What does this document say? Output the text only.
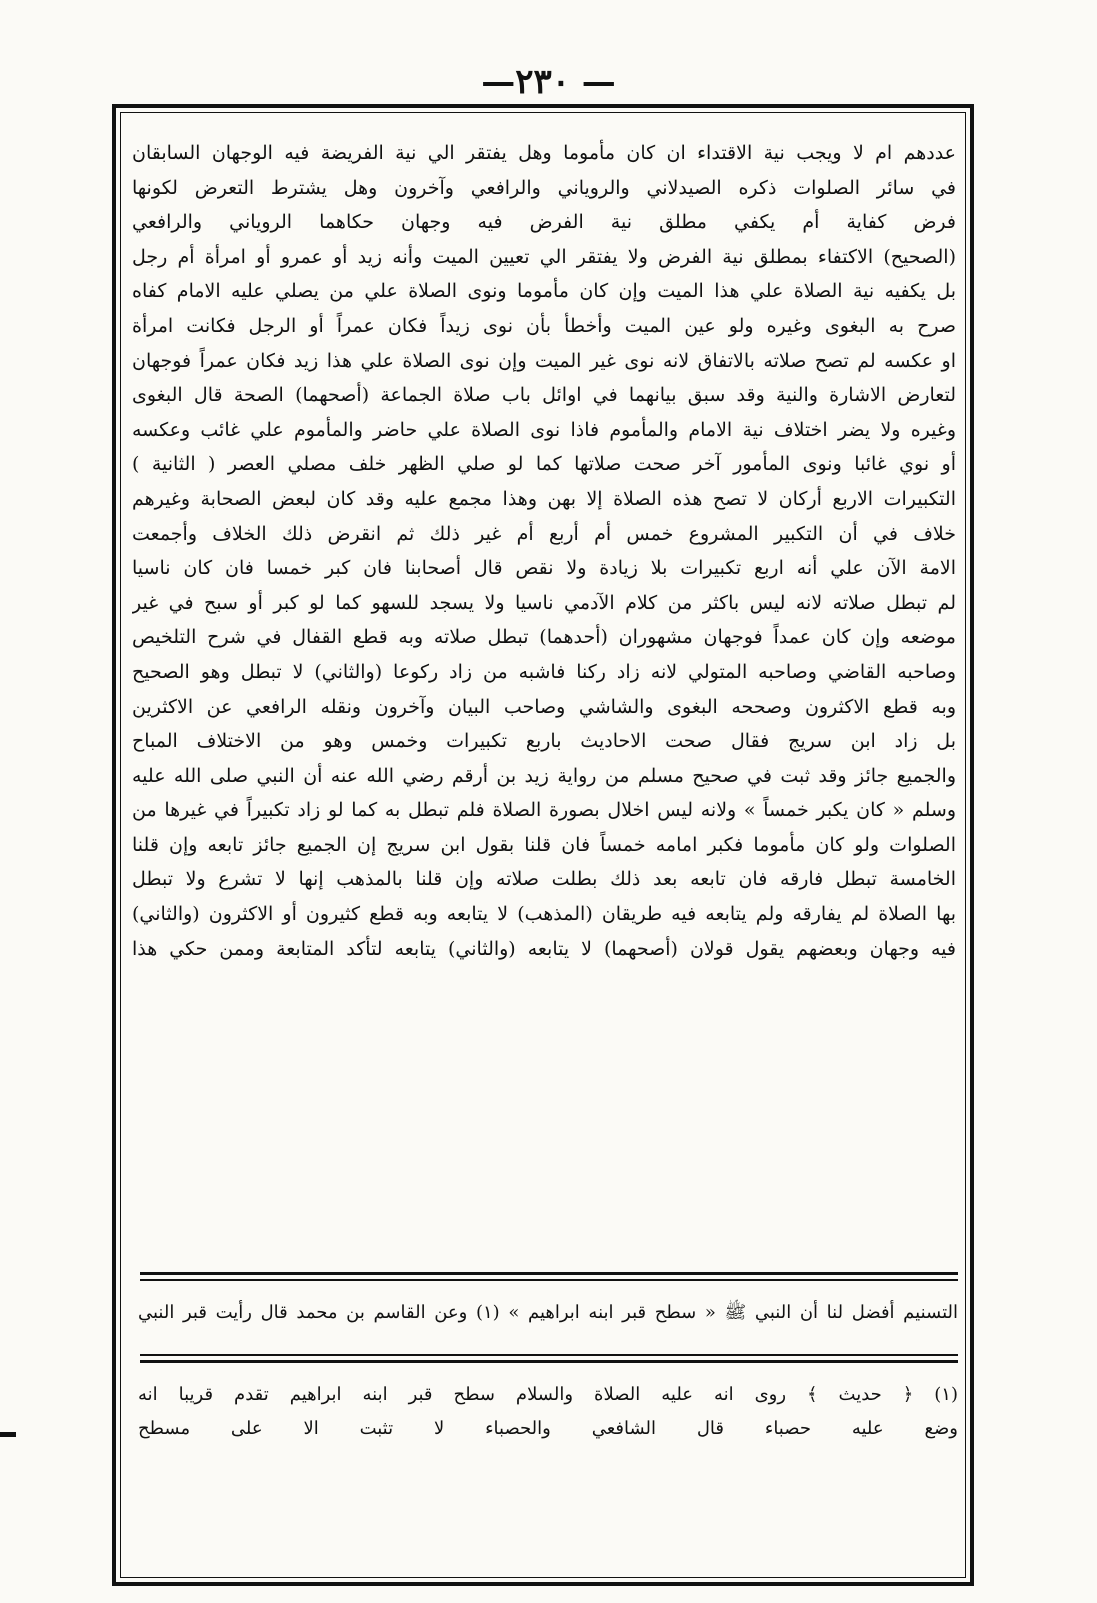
—۲۳۰ —
عددهم ام لا ويجب نية الاقتداء ان كان مأموما وهل يفتقر الي نية الفريضة فيه الوجهان السابقان
في سائر الصلوات ذكره الصيدلاني والروياني والرافعي وآخرون وهل يشترط التعرض لكونها
فرض كفاية أم يكفي مطلق نية الفرض فيه وجهان حكاهما الروياني والرافعي
(الصحيح) الاكتفاء بمطلق نية الفرض ولا يفتقر الي تعيين الميت وأنه زيد أو عمرو أو امرأة أم رجل
بل يكفيه نية الصلاة علي هذا الميت وإن كان مأموما ونوى الصلاة علي من يصلي عليه الامام كفاه
صرح به البغوى وغيره ولو عين الميت وأخطأ بأن نوى زيداً فكان عمراً أو الرجل فكانت امرأة
او عكسه لم تصح صلاته بالاتفاق لانه نوى غير الميت وإن نوى الصلاة علي هذا زيد فكان عمراً فوجهان
لتعارض الاشارة والنية وقد سبق بيانهما في اوائل باب صلاة الجماعة (أصحهما) الصحة قال البغوى
وغيره ولا يضر اختلاف نية الامام والمأموم فاذا نوى الصلاة علي حاضر والمأموم علي غائب وعكسه
أو نوي غائبا ونوى المأمور آخر صحت صلاتها كما لو صلي الظهر خلف مصلي العصر ( الثانية )
التكبيرات الاربع أركان لا تصح هذه الصلاة إلا بهن وهذا مجمع عليه وقد كان لبعض الصحابة وغيرهم
خلاف في أن التكبير المشروع خمس أم أربع أم غير ذلك ثم انقرض ذلك الخلاف وأجمعت
الامة الآن علي أنه اربع تكبيرات بلا زيادة ولا نقص قال أصحابنا فان كبر خمسا فان كان ناسيا
لم تبطل صلاته لانه ليس باكثر من كلام الآدمي ناسيا ولا يسجد للسهو كما لو كبر أو سبح في غير
موضعه وإن كان عمداً فوجهان مشهوران (أحدهما) تبطل صلاته وبه قطع القفال في شرح التلخيص
وصاحبه القاضي وصاحبه المتولي لانه زاد ركنا فاشبه من زاد ركوعا (والثاني) لا تبطل وهو الصحيح
وبه قطع الاكثرون وصححه البغوى والشاشي وصاحب البيان وآخرون ونقله الرافعي عن الاكثرين
بل زاد ابن سريج فقال صحت الاحاديث باربع تكبيرات وخمس وهو من الاختلاف المباح
والجميع جائز وقد ثبت في صحيح مسلم من رواية زيد بن أرقم رضي الله عنه أن النبي صلى الله عليه
وسلم « كان يكبر خمساً » ولانه ليس اخلال بصورة الصلاة فلم تبطل به كما لو زاد تكبيراً في غيرها من
الصلوات ولو كان مأموما فكبر امامه خمساً فان قلنا بقول ابن سريج إن الجميع جائز تابعه وإن قلنا
الخامسة تبطل فارقه فان تابعه بعد ذلك بطلت صلاته وإن قلنا بالمذهب إنها لا تشرع ولا تبطل
بها الصلاة لم يفارقه ولم يتابعه فيه طريقان (المذهب) لا يتابعه وبه قطع كثيرون أو الاكثرون (والثاني)
فيه وجهان وبعضهم يقول قولان (أصحهما) لا يتابعه (والثاني) يتابعه لتأكد المتابعة وممن حكي هذا
التسنيم أفضل لنا أن النبي ﷺ « سطح قبر ابنه ابراهيم » (١) وعن القاسم بن محمد قال رأيت قبر النبي
(١) ﴿ حديث ﴾ روى انه عليه الصلاة والسلام سطح قبر ابنه ابراهيم تقدم قريبا انه
وضع عليه حصباء قال الشافعي والحصباء لا تثبت الا على مسطح
